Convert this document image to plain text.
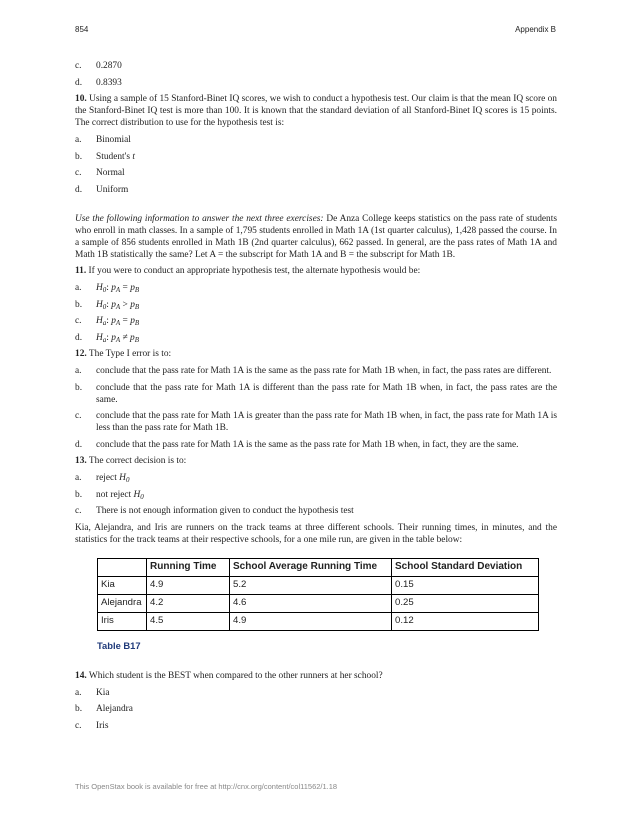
854	Appendix B
c.	0.2870
d.	0.8393

10. Using a sample of 15 Stanford-Binet IQ scores, we wish to conduct a hypothesis test. Our claim is that the mean IQ score on the Stanford-Binet IQ test is more than 100. It is known that the standard deviation of all Stanford-Binet IQ scores is 15 points. The correct distribution to use for the hypothesis test is:

a.	Binomial
b.	Student's t
c.	Normal
d.	Uniform

Use the following information to answer the next three exercises: De Anza College keeps statistics on the pass rate of students who enroll in math classes. In a sample of 1,795 students enrolled in Math 1A (1st quarter calculus), 1,428 passed the course. In a sample of 856 students enrolled in Math 1B (2nd quarter calculus), 662 passed. In general, are the pass rates of Math 1A and Math 1B statistically the same? Let A = the subscript for Math 1A and B = the subscript for Math 1B.

11. If you were to conduct an appropriate hypothesis test, the alternate hypothesis would be:

a.	$H_0$: $p_A = p_B$
b.	$H_0$: $p_A > p_B$
c.	$H_a$: $p_A = p_B$
d.	$H_a$: $p_A \ne p_B$

12. The Type I error is to:

a.	conclude that the pass rate for Math 1A is the same as the pass rate for Math 1B when, in fact, the pass rates are different.
b.	conclude that the pass rate for Math 1A is different than the pass rate for Math 1B when, in fact, the pass rates are the same.
c.	conclude that the pass rate for Math 1A is greater than the pass rate for Math 1B when, in fact, the pass rate for Math 1A is less than the pass rate for Math 1B.
d.	conclude that the pass rate for Math 1A is the same as the pass rate for Math 1B when, in fact, they are the same.

13. The correct decision is to:

a.	reject $H_0$
b.	not reject $H_0$
c.	There is not enough information given to conduct the hypothesis test

Kia, Alejandra, and Iris are runners on the track teams at three different schools. Their running times, in minutes, and the statistics for the track teams at their respective schools, for a one mile run, are given in the table below:

	Running Time	School Average Running Time	School Standard Deviation
Kia	4.9	5.2	0.15
Alejandra	4.2	4.6	0.25
Iris	4.5	4.9	0.12
Table B17

14. Which student is the BEST when compared to the other runners at her school?

a.	Kia
b.	Alejandra
c.	Iris
This OpenStax book is available for free at http://cnx.org/content/col11562/1.18
